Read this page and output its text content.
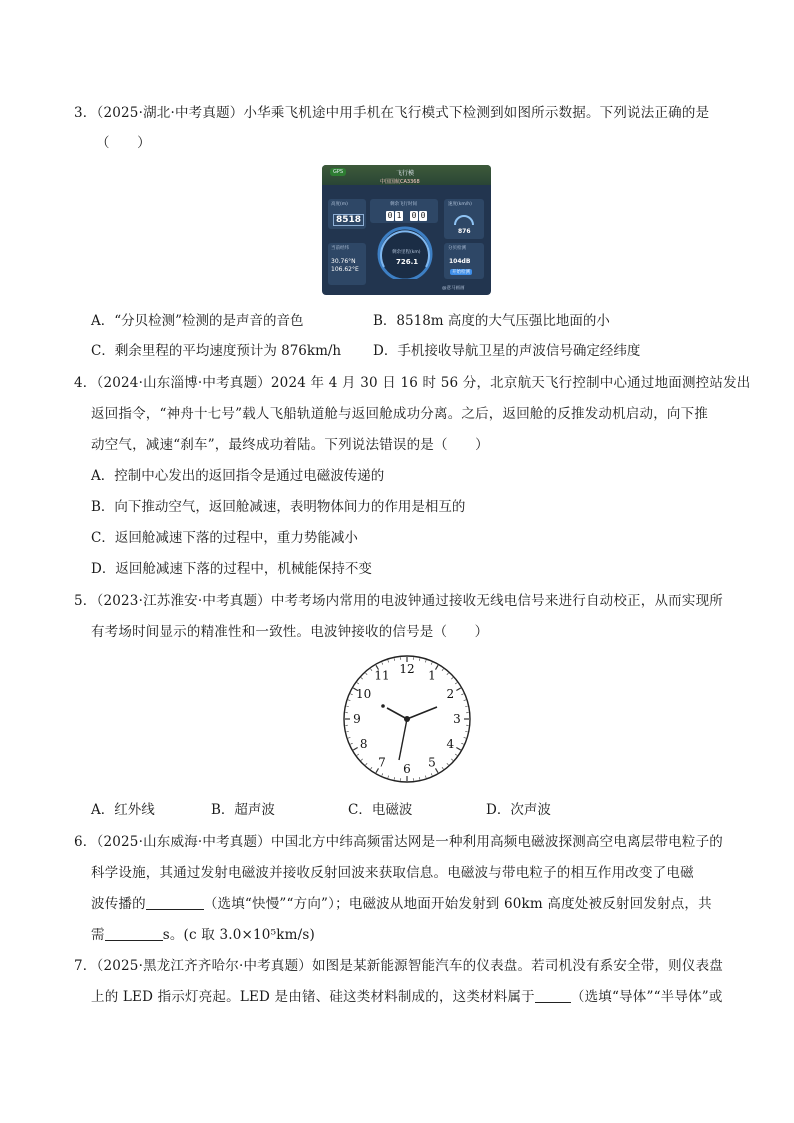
3．（2025·湖北·中考真题）小华乘飞机途中用手机在飞行模式下检测到如图所示数据。下列说法正确的是
（　　）
GPS	飞行模
中国国航CA3368
高度(m)
8518
当前经纬
30.76°N
106.62°E
剩余飞行时间
0 1 0 0
剩余里程(km)
726.1
速度(km/h)
876
分贝检测
104dB
开始检测
@意马画画
A．“分贝检测”检测的是声音的音色	B．8518m 高度的大气压强比地面的小
C．剩余里程的平均速度预计为 876km/h D．手机接收导航卫星的声波信号确定经纬度
4．（2024·山东淄博·中考真题）2024 年 4 月 30 日 16 时 56 分，北京航天飞行控制中心通过地面测控站发出
返回指令，“神舟十七号”载人飞船轨道舱与返回舱成功分离。之后，返回舱的反推发动机启动，向下推
动空气，减速“刹车”，最终成功着陆。下列说法错误的是（　　）
A．控制中心发出的返回指令是通过电磁波传递的
B．向下推动空气，返回舱减速，表明物体间力的作用是相互的
C．返回舱减速下落的过程中，重力势能减小
D．返回舱减速下落的过程中，机械能保持不变
5．（2023·江苏淮安·中考真题）中考考场内常用的电波钟通过接收无线电信号来进行自动校正，从而实现所
有考场时间显示的精准性和一致性。电波钟接收的信号是（　　）
12 1
2
3
4
5
6
7
8
9
10
11
A．红外线	B．超声波	C．电磁波	D．次声波
6．（2025·山东威海·中考真题）中国北方中纬高频雷达网是一种利用高频电磁波探测高空电离层带电粒子的
科学设施，其通过发射电磁波并接收反射回波来获取信息。电磁波与带电粒子的相互作用改变了电磁
波传播的	（选填“快慢”“方向”）；电磁波从地面开始发射到 60km 高度处被反射回发射点，共
需	s。(c 取 3.0×10⁵km/s)
7．（2025·黑龙江齐齐哈尔·中考真题）如图是某新能源智能汽车的仪表盘。若司机没有系安全带，则仪表盘
上的 LED 指示灯亮起。LED 是由锗、硅这类材料制成的，这类材料属于	（选填“导体”“半导体”或
